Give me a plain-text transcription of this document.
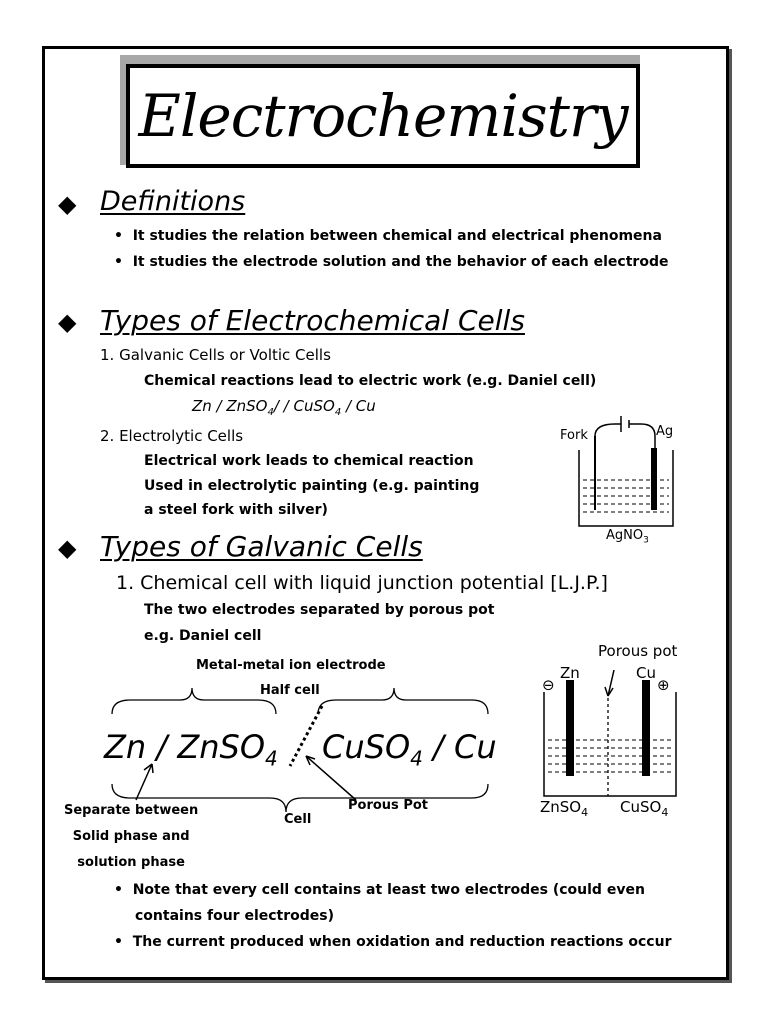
Electrochemistry
◆ Definitions
•  It studies the relation between chemical and electrical phenomena
•  It studies the electrode solution and the behavior of each electrode
◆ Types of Electrochemical Cells
1. Galvanic Cells or Voltic Cells
Chemical reactions lead to electric work (e.g. Daniel cell)
Zn / ZnSO$_4$/ / CuSO$_4$ / Cu
2. Electrolytic Cells
Electrical work leads to chemical reaction
Used in electrolytic painting (e.g. painting
a steel fork with silver)
Fork	Ag
AgNO$_3$
◆ Types of Galvanic Cells
1. Chemical cell with liquid junction potential [L.J.P.]
The two electrodes separated by porous pot
e.g. Daniel cell
Metal-metal ion electrode
Half cell
Zn / ZnSO$_4$ CuSO$_4$ / Cu
Separate between
Solid phase and
solution phase
Cell
Porous Pot
Porous pot
Zn	Cu
⊖	⊕
ZnSO$_4$ CuSO$_4$
•  Note that every cell contains at least two electrodes (could even
contains four electrodes)
•  The current produced when oxidation and reduction reactions occur
